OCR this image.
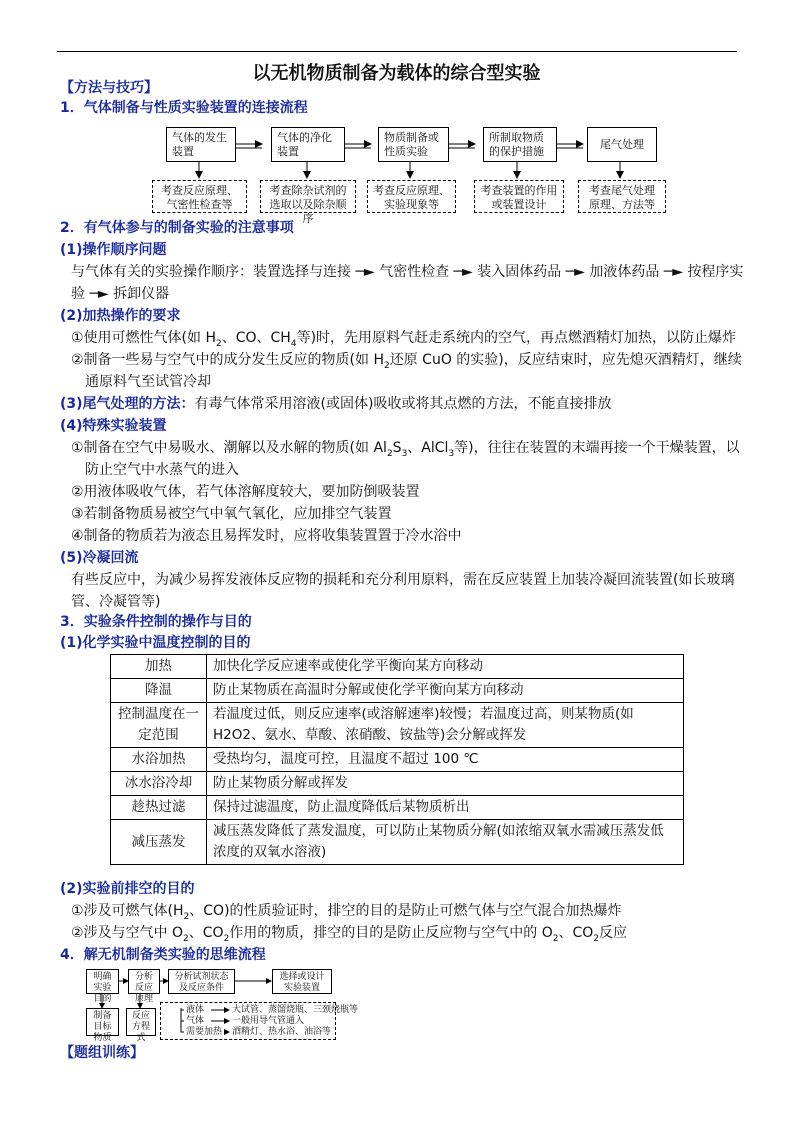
以无机物质制备为载体的综合型实验
【方法与技巧】
1．气体制备与性质实验装置的连接流程
气体的发生装置
气体的净化装置
物质制备或性质实验
所制取物质的保护措施
尾气处理
考查反应原理、气密性检查等
考查除杂试剂的选取以及除杂顺序
考查反应原理、实验现象等
考查装置的作用或装置设计
考查尾气处理原理、方法等
2．有气体参与的制备实验的注意事项
(1)操作顺序问题
与气体有关的实验操作顺序：装置选择与连接 ─► 气密性检查 ─► 装入固体药品 ─► 加液体药品 ─► 按程序实
验 ─► 拆卸仪器
(2)加热操作的要求
①使用可燃性气体(如 $H_2$、CO、$CH_4$等)时，先用原料气赶走系统内的空气，再点燃酒精灯加热，以防止爆炸
②制备一些易与空气中的成分发生反应的物质(如 $H_2$还原 CuO 的实验)，反应结束时，应先熄灭酒精灯，继续
通原料气至试管冷却
(3)尾气处理的方法：有毒气体常采用溶液(或固体)吸收或将其点燃的方法，不能直接排放
(4)特殊实验装置
①制备在空气中易吸水、潮解以及水解的物质(如 $Al_2S_3$、AlCl$_3$等)，往往在装置的末端再接一个干燥装置，以
防止空气中水蒸气的进入
②用液体吸收气体，若气体溶解度较大，要加防倒吸装置
③若制备物质易被空气中氧气氧化，应加排空气装置
④制备的物质若为液态且易挥发时，应将收集装置置于冷水浴中
(5)冷凝回流
有些反应中，为减少易挥发液体反应物的损耗和充分利用原料，需在反应装置上加装冷凝回流装置(如长玻璃
管、冷凝管等)
3．实验条件控制的操作与目的
(1)化学实验中温度控制的目的
加热	加快化学反应速率或使化学平衡向某方向移动
降温	防止某物质在高温时分解或使化学平衡向某方向移动
控制温度在一定范围	若温度过低，则反应速率(或溶解速率)较慢；若温度过高，则某物质(如 H2O2、氨水、草酸、浓硝酸、铵盐等)会分解或挥发
水浴加热	受热均匀，温度可控，且温度不超过 100 ℃
冰水浴冷却	防止某物质分解或挥发
趁热过滤	保持过滤温度，防止温度降低后某物质析出
减压蒸发	减压蒸发降低了蒸发温度，可以防止某物质分解(如浓缩双氧水需减压蒸发低浓度的双氧水溶液)
(2)实验前排空的目的
①涉及可燃气体($H_2$、CO)的性质验证时，排空的目的是防止可燃气体与空气混合加热爆炸
②涉及与空气中 $O_2$、$CO_2$作用的物质，排空的目的是防止反应物与空气中的 $O_2$、$CO_2$反应
4．解无机制备类实验的思维流程
明确实验目的
分析反应原理
分析试剂状态及反应条件
选择或设计实验装置
制备目标物质
反应方程式
液体	大试管、蒸馏烧瓶、三颈烧瓶等
气体	一般用导气管通入
需要加热 酒精灯、热水浴、油浴等
【题组训练】
